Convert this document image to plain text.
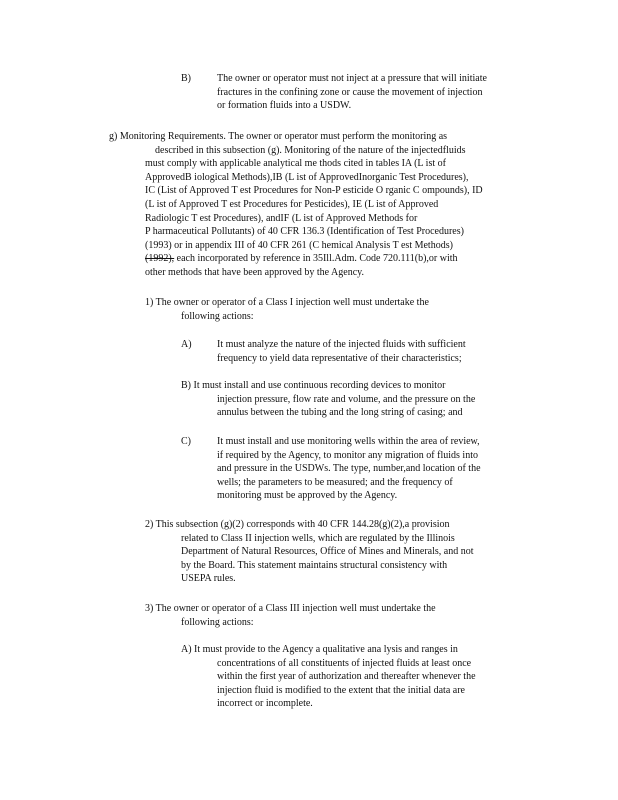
B)	The owner or operator must not inject at a pressure that will initiate
fractures in the confining zone or cause the movement of injection
or formation fluids into a USDW.
g) Monitoring Requirements. The owner or operator must perform the monitoring as
described in this subsection (g). Monitoring of the nature of the injectedfluids
must comply with applicable analytical me thods cited in tables IA (L ist of
ApprovedB iological Methods),IB (L ist of ApprovedInorganic Test Procedures),
IC (List of Approved T est Procedures for Non-P esticide O rganic C ompounds), ID
(L ist of Approved T est Procedures for Pesticides), IE (L ist of Approved
Radiologic T est Procedures), andIF (L ist of Approved Methods for
P harmaceutical Pollutants) of 40 CFR 136.3 (Identification of Test Procedures)
(1993) or in appendix III of 40 CFR 261 (C hemical Analysis T est Methods)
(1992), each incorporated by reference in 35Ill.Adm. Code 720.111(b),or with
other methods that have been approved by the Agency.
1) The owner or operator of a Class I injection well must undertake the
following actions:
A)	It must analyze the nature of the injected fluids with sufficient
frequency to yield data representative of their characteristics;
B) It must install and use continuous recording devices to monitor
injection pressure, flow rate and volume, and the pressure on the
annulus between the tubing and the long string of casing; and
C)	It must install and use monitoring wells within the area of review,
if required by the Agency, to monitor any migration of fluids into
and pressure in the USDWs. The type, number,and location of the
wells; the parameters to be measured; and the frequency of
monitoring must be approved by the Agency.
2) This subsection (g)(2) corresponds with 40 CFR 144.28(g)(2),a provision
related to Class II injection wells, which are regulated by the Illinois
Department of Natural Resources, Office of Mines and Minerals, and not
by the Board. This statement maintains structural consistency with
USEPA rules.
3) The owner or operator of a Class III injection well must undertake the
following actions:
A) It must provide to the Agency a qualitative ana lysis and ranges in
concentrations of all constituents of injected fluids at least once
within the first year of authorization and thereafter whenever the
injection fluid is modified to the extent that the initial data are
incorrect or incomplete.
